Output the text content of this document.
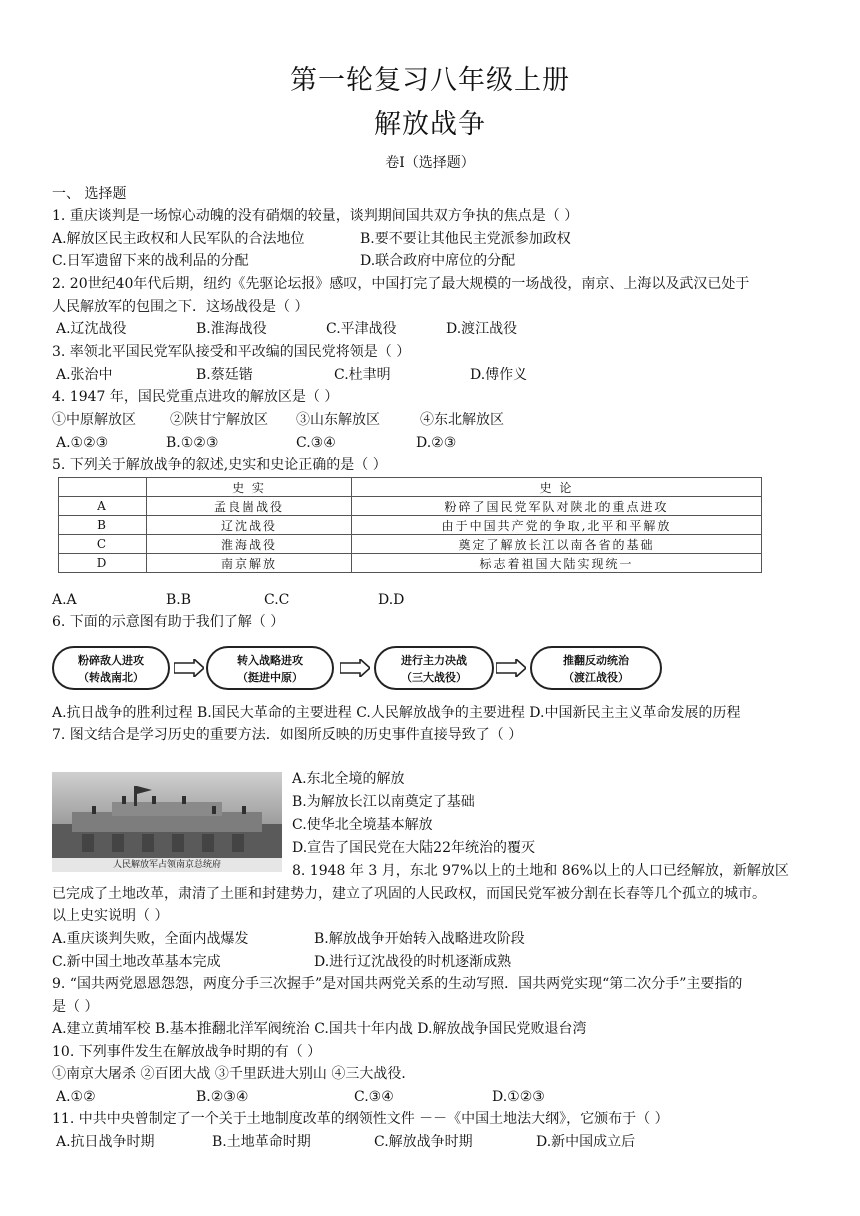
第一轮复习八年级上册
解放战争
卷Ⅰ（选择题）
一、 选择题
1. 重庆谈判是一场惊心动魄的没有硝烟的较量，谈判期间国共双方争执的焦点是（ ）
A.解放区民主政权和人民军队的合法地位	B.要不要让其他民主党派参加政权
C.日军遗留下来的战利品的分配	D.联合政府中席位的分配
2. 20世纪40年代后期，纽约《先驱论坛报》感叹，中国打完了最大规模的一场战役，南京、上海以及武汉已处于
人民解放军的包围之下．这场战役是（ ）
A.辽沈战役	B.淮海战役	C.平津战役	D.渡江战役
3. 率领北平国民党军队接受和平改编的国民党将领是（ ）
A.张治中	B.蔡廷锴	C.杜聿明	D.傅作义
4. 1947 年，国民党重点进攻的解放区是（ ）
①中原解放区 ②陕甘宁解放区 ③山东解放区	④东北解放区
A.①②③	B.①②③	C.③④	D.②③
5. 下列关于解放战争的叙述,史实和史论正确的是（ ）
	史 实	史 论
A	孟良崮战役	粉碎了国民党军队对陕北的重点进攻
B	辽沈战役	由于中国共产党的争取,北平和平解放
C	淮海战役	奠定了解放长江以南各省的基础
D	南京解放	标志着祖国大陆实现统一
A.A	B.B	C.C	D.D
6. 下面的示意图有助于我们了解（ ）
粉碎敌人进攻
（转战南北）
转入战略进攻
（挺进中原）
进行主力决战
（三大战役）
推翻反动统治
（渡江战役）
A.抗日战争的胜利过程 B.国民大革命的主要进程 C.人民解放战争的主要进程 D.中国新民主主义革命发展的历程
7. 图文结合是学习历史的重要方法．如图所反映的历史事件直接导致了（ ）
人民解放军占领南京总统府
A.东北全境的解放
B.为解放长江以南奠定了基础
C.使华北全境基本解放
D.宣告了国民党在大陆22年统治的覆灭
8. 1948 年 3 月，东北 97%以上的土地和 86%以上的人口已经解放，新解放区
已完成了土地改革，肃清了土匪和封建势力，建立了巩固的人民政权，而国民党军被分割在长春等几个孤立的城市。
以上史实说明（ ）
A.重庆谈判失败，全面内战爆发	B.解放战争开始转入战略进攻阶段
C.新中国土地改革基本完成	D.进行辽沈战役的时机逐渐成熟
9. “国共两党恩恩怨怨，两度分手三次握手”是对国共两党关系的生动写照．国共两党实现“第二次分手”主要指的
是（ ）
A.建立黄埔军校 B.基本推翻北洋军阀统治 C.国共十年内战 D.解放战争国民党败退台湾
10. 下列事件发生在解放战争时期的有（ ）
①南京大屠杀 ②百团大战 ③千里跃进大别山 ④三大战役．
A.①②	B.②③④	C.③④	D.①②③
11. 中共中央曾制定了一个关于土地制度改革的纲领性文件 －－《中国土地法大纲》，它颁布于（ ）
A.抗日战争时期	B.土地革命时期	C.解放战争时期	D.新中国成立后
